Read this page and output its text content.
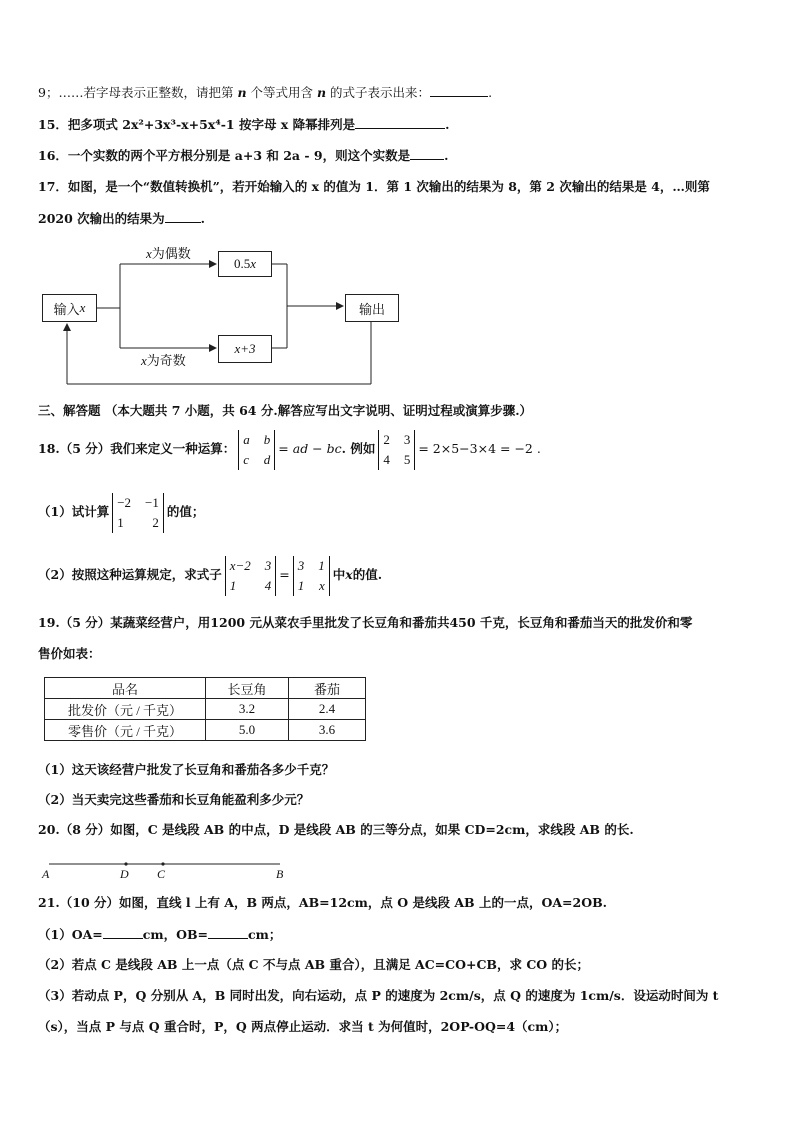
9；……若字母表示正整数，请把第 n 个等式用含 n 的式子表示出来：	.
15．把多项式 2x²+3x³-x+5x⁴-1 按字母 x 降幂排列是	.
16．一个实数的两个平方根分别是 a+3 和 2a - 9，则这个实数是	.
17．如图，是一个“数值转换机”，若开始输入的 x 的值为 1．第 1 次输出的结果为 8，第 2 次输出的结果是 4，…则第
2020 次输出的结果为	.
输入 x
x为偶数
0.5 x
x为奇数
x+3
输出
三、解答题 （本大题共 7 小题，共 64 分.解答应写出文字说明、证明过程或演算步骤.）
18.（5 分）我们来定义一种运算：
a b
c d
= ad − bc. 例如
2 3
4 5
= 2×5−3×4 = −2 .
（1）试计算
−2 −1
1 2
的值；
（2）按照这种运算规定，求式子
x−2 3
1 4
=
3 1
1 x
中x的值.
19.（5 分）某蔬菜经营户，用1200 元从菜农手里批发了长豆角和番茄共450 千克，长豆角和番茄当天的批发价和零
售价如表：
品名	长豆角	番茄
批发价（元 / 千克）	3.2	2.4
零售价（元 / 千克）	5.0	3.6
（1）这天该经营户批发了长豆角和番茄各多少千克？
（2）当天卖完这些番茄和长豆角能盈利多少元？
20.（8 分）如图，C 是线段 AB 的中点，D 是线段 AB 的三等分点，如果 CD=2cm，求线段 AB 的长.
A	D C	B
21.（10 分）如图，直线 l 上有 A，B 两点，AB=12cm，点 O 是线段 AB 上的一点，OA=2OB.
（1）OA=	cm，OB=	cm；
（2）若点 C 是线段 AB 上一点（点 C 不与点 AB 重合），且满足 AC=CO+CB，求 CO 的长；
（3）若动点 P，Q 分别从 A，B 同时出发，向右运动，点 P 的速度为 2cm/s，点 Q 的速度为 1cm/s．设运动时间为 t
（s），当点 P 与点 Q 重合时，P，Q 两点停止运动．求当 t 为何值时，2OP-OQ=4（cm）；
